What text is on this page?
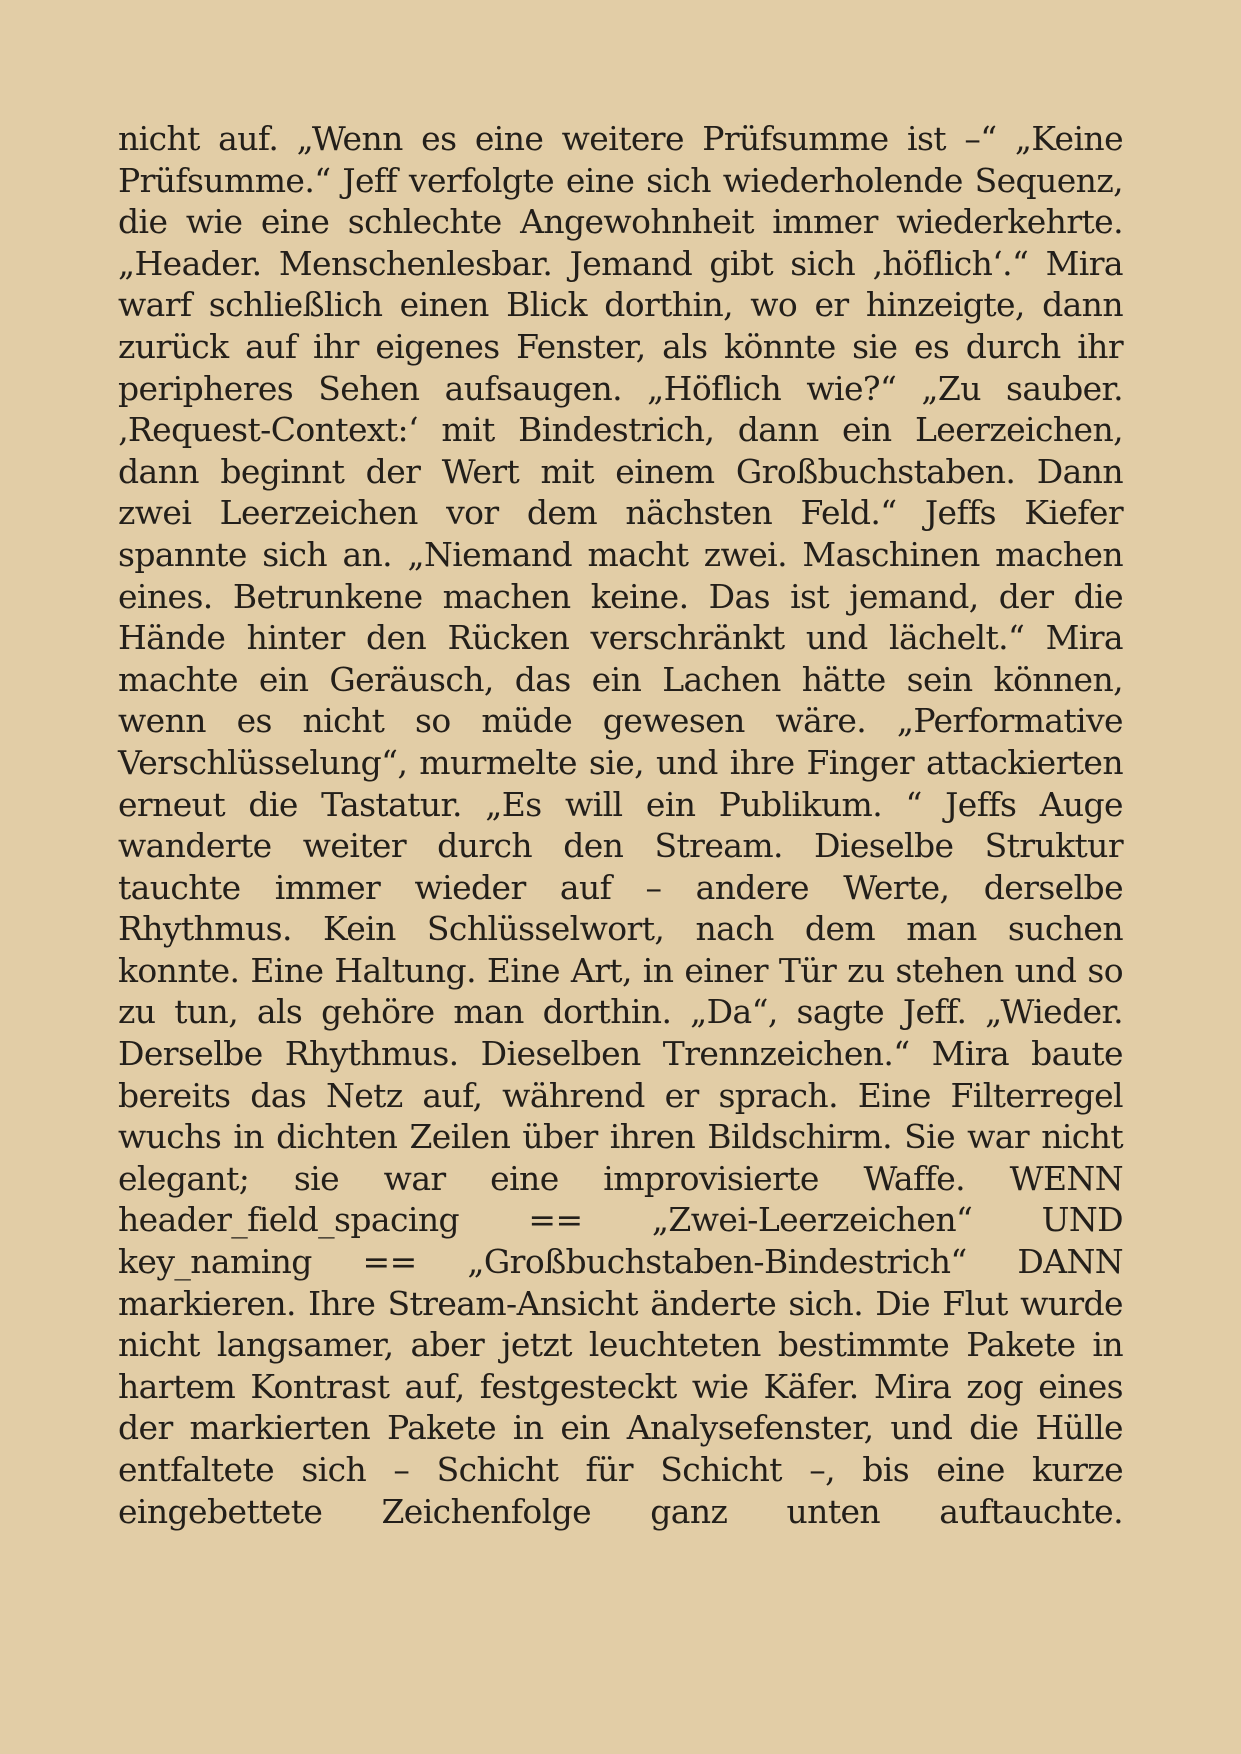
nicht auf. „Wenn es eine weitere Prüfsumme ist –“ „Keine Prüfsumme.“ Jeff verfolgte eine sich wiederholende Sequenz, die wie eine schlechte Angewohnheit immer wiederkehrte. „Header. Menschenlesbar. Jemand gibt sich ‚höflich‘.“ Mira warf schließlich einen Blick dorthin, wo er hinzeigte, dann zurück auf ihr eigenes Fenster, als könnte sie es durch ihr peripheres Sehen aufsaugen. „Höflich wie?“ „Zu sauber. ‚Request-Context:‘ mit Bindestrich, dann ein Leerzeichen, dann beginnt der Wert mit einem Großbuchstaben. Dann zwei Leerzeichen vor dem nächsten Feld.“ Jeffs Kiefer spannte sich an. „Niemand macht zwei. Maschinen machen eines. Betrunkene machen keine. Das ist jemand, der die Hände hinter den Rücken verschränkt und lächelt.“ Mira machte ein Geräusch, das ein Lachen hätte sein können, wenn es nicht so müde gewesen wäre. „Performative Verschlüsselung“, murmelte sie, und ihre Finger attackierten erneut die Tastatur. „Es will ein Publikum. “ Jeffs Auge wanderte weiter durch den Stream. Dieselbe Struktur tauchte immer wieder auf – andere Werte, derselbe Rhythmus. Kein Schlüsselwort, nach dem man suchen konnte. Eine Haltung. Eine Art, in einer Tür zu stehen und so zu tun, als gehöre man dorthin. „Da“, sagte Jeff. „Wieder. Derselbe Rhythmus. Dieselben Trennzeichen.“ Mira baute bereits das Netz auf, während er sprach. Eine Filterregel wuchs in dichten Zeilen über ihren Bildschirm. Sie war nicht elegant; sie war eine improvisierte Waffe. WENN header_field_spacing == „Zwei-Leerzeichen“ UND key_naming == „Großbuchstaben-Bindestrich“ DANN markieren. Ihre Stream-Ansicht änderte sich. Die Flut wurde nicht langsamer, aber jetzt leuchteten bestimmte Pakete in hartem Kontrast auf, festgesteckt wie Käfer. Mira zog eines der markierten Pakete in ein Analysefenster, und die Hülle entfaltete sich – Schicht für Schicht –, bis eine kurze eingebettete Zeichenfolge ganz unten auftauchte.
